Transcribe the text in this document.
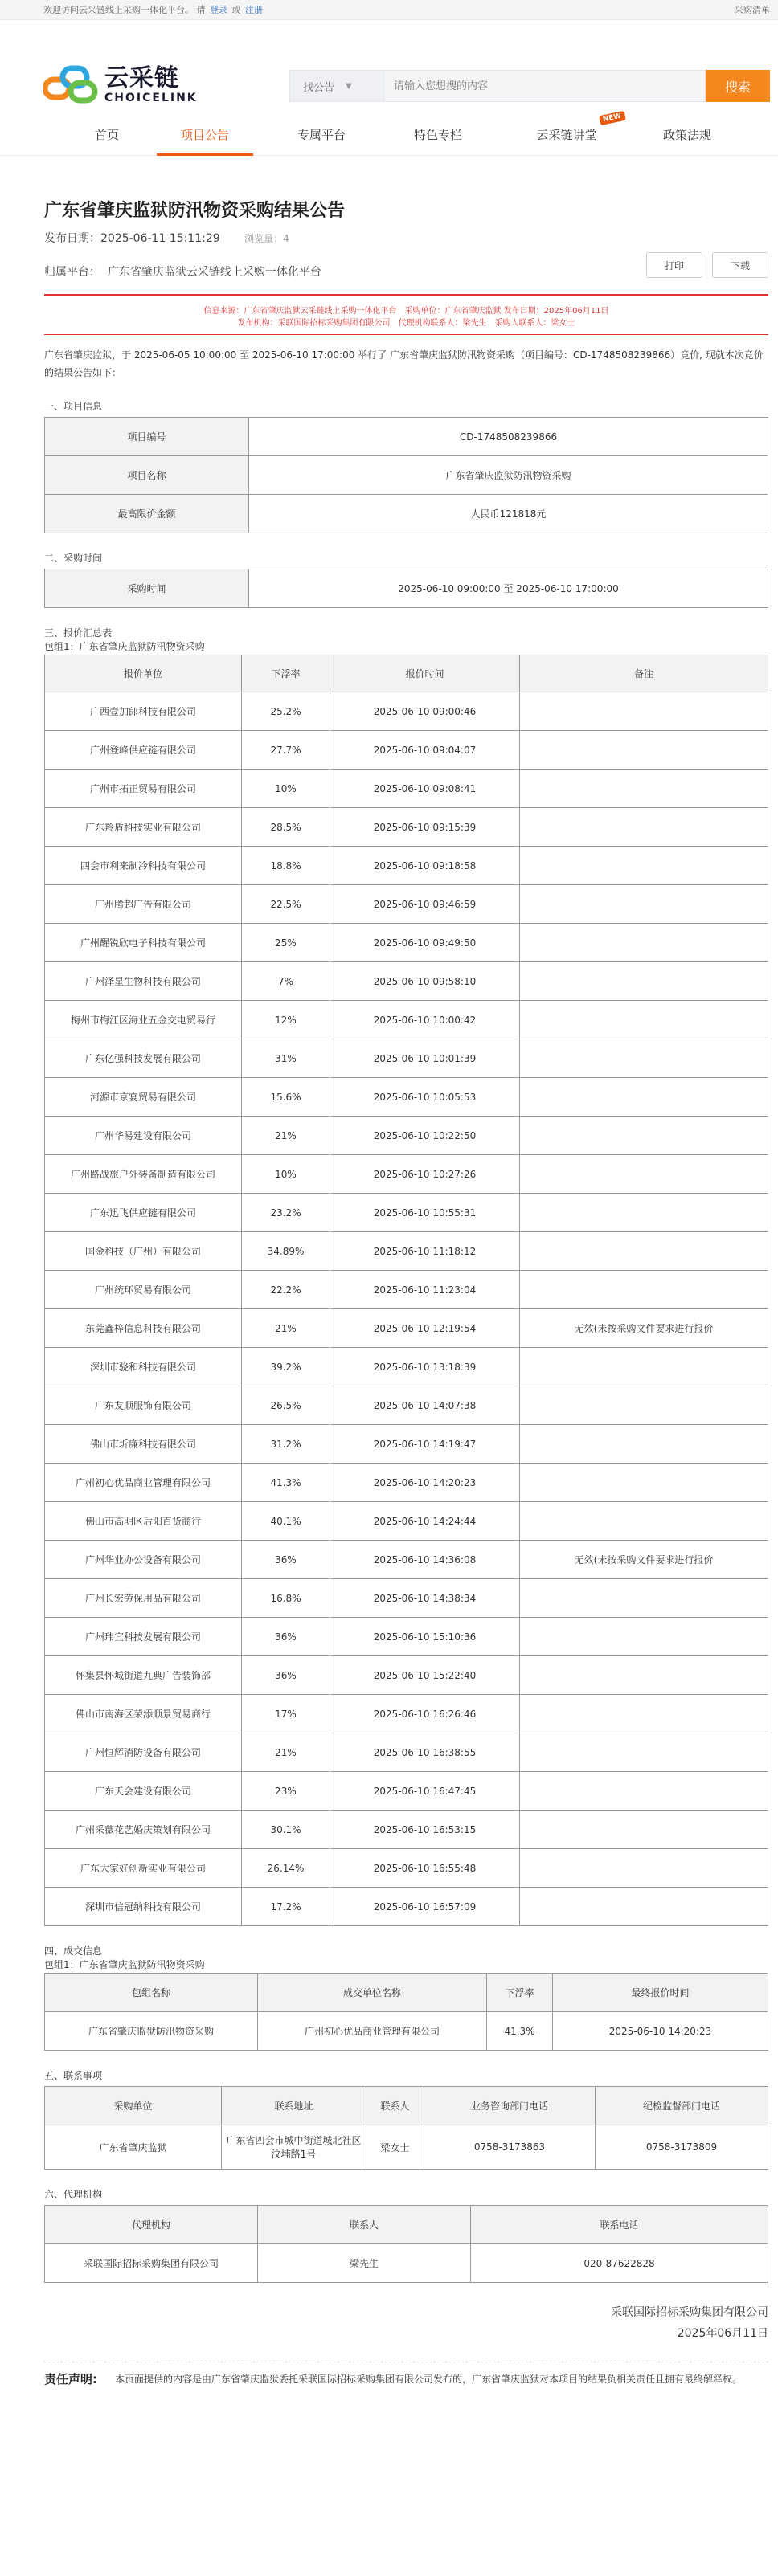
欢迎访问云采链线上采购一体化平台。 请 登录 或 注册	采购清单
云采链
CHOICELINK
找公告 ▼
请输入您想搜的内容	搜索
首页	项目公告	专属平台	特色专栏	云采链讲堂
NEW
政策法规
广东省肇庆监狱防汛物资采购结果公告
发布日期：2025-06-11 15:11:29	浏览量：4
归属平台： 广东省肇庆监狱云采链线上采购一体化平台
打印	下载
信息来源：广东省肇庆监狱云采链线上采购一体化平台　采购单位：广东省肇庆监狱 发布日期：2025年06月11日
发布机构：采联国际招标采购集团有限公司　代理机构联系人：梁先生　采购人联系人：梁女士
广东省肇庆监狱，于 2025-06-05 10:00:00 至 2025-06-10 17:00:00 举行了 广东省肇庆监狱防汛物资采购（项目编号：CD-1748508239866）竞价, 现就本次竞价的结果公告如下：
一、项目信息
项目编号	CD-1748508239866
项目名称	广东省肇庆监狱防汛物资采购
最高限价金额	人民币121818元
二、采购时间
采购时间	2025-06-10 09:00:00 至 2025-06-10 17:00:00
三、报价汇总表
包组1：广东省肇庆监狱防汛物资采购
报价单位	下浮率	报价时间	备注
广西壹加郎科技有限公司	25.2%	2025-06-10 09:00:46	
广州登峰供应链有限公司	27.7%	2025-06-10 09:04:07	
广州市拓正贸易有限公司	10%	2025-06-10 09:08:41	
广东羚盾科技实业有限公司	28.5%	2025-06-10 09:15:39	
四会市利来制冷科技有限公司	18.8%	2025-06-10 09:18:58	
广州腾超广告有限公司	22.5%	2025-06-10 09:46:59	
广州醒锐欣电子科技有限公司	25%	2025-06-10 09:49:50	
广州泽星生物科技有限公司	7%	2025-06-10 09:58:10	
梅州市梅江区海业五金交电贸易行	12%	2025-06-10 10:00:42	
广东亿强科技发展有限公司	31%	2025-06-10 10:01:39	
河源市京宴贸易有限公司	15.6%	2025-06-10 10:05:53	
广州华易建设有限公司	21%	2025-06-10 10:22:50	
广州路战旅户外装备制造有限公司	10%	2025-06-10 10:27:26	
广东迅飞供应链有限公司	23.2%	2025-06-10 10:55:31	
国金科技（广州）有限公司	34.89%	2025-06-10 11:18:12	
广州统环贸易有限公司	22.2%	2025-06-10 11:23:04	
东莞鑫梓信息科技有限公司	21%	2025-06-10 12:19:54	无效(未按采购文件要求进行报价
深圳市骁和科技有限公司	39.2%	2025-06-10 13:18:39	
广东友顺服饰有限公司	26.5%	2025-06-10 14:07:38	
佛山市圻廉科技有限公司	31.2%	2025-06-10 14:19:47	
广州初心优品商业管理有限公司	41.3%	2025-06-10 14:20:23	
佛山市高明区后阳百货商行	40.1%	2025-06-10 14:24:44	
广州华业办公设备有限公司	36%	2025-06-10 14:36:08	无效(未按采购文件要求进行报价
广州长宏劳保用品有限公司	16.8%	2025-06-10 14:38:34	
广州玮宜科技发展有限公司	36%	2025-06-10 15:10:36	
怀集县怀城街道九典广告装饰部	36%	2025-06-10 15:22:40	
佛山市南海区荣添顺景贸易商行	17%	2025-06-10 16:26:46	
广州恒辉消防设备有限公司	21%	2025-06-10 16:38:55	
广东天会建设有限公司	23%	2025-06-10 16:47:45	
广州采薇花艺婚庆策划有限公司	30.1%	2025-06-10 16:53:15	
广东大家好创新实业有限公司	26.14%	2025-06-10 16:55:48	
深圳市信冠纳科技有限公司	17.2%	2025-06-10 16:57:09	
四、成交信息
包组1：广东省肇庆监狱防汛物资采购
包组名称	成交单位名称	下浮率	最终报价时间
广东省肇庆监狱防汛物资采购	广州初心优品商业管理有限公司	41.3%	2025-06-10 14:20:23
五、联系事项
采购单位	联系地址	联系人	业务咨询部门电话	纪检监督部门电话
广东省肇庆监狱	广东省四会市城中街道城北社区汶埔路1号	梁女士	0758-3173863	0758-3173809
六、代理机构
代理机构	联系人	联系电话
采联国际招标采购集团有限公司	梁先生	020-87622828
采联国际招标采购集团有限公司
2025年06月11日
责任声明:	本页面提供的内容是由广东省肇庆监狱委托采联国际招标采购集团有限公司发布的，广东省肇庆监狱对本项目的结果负相关责任且拥有最终解释权。
